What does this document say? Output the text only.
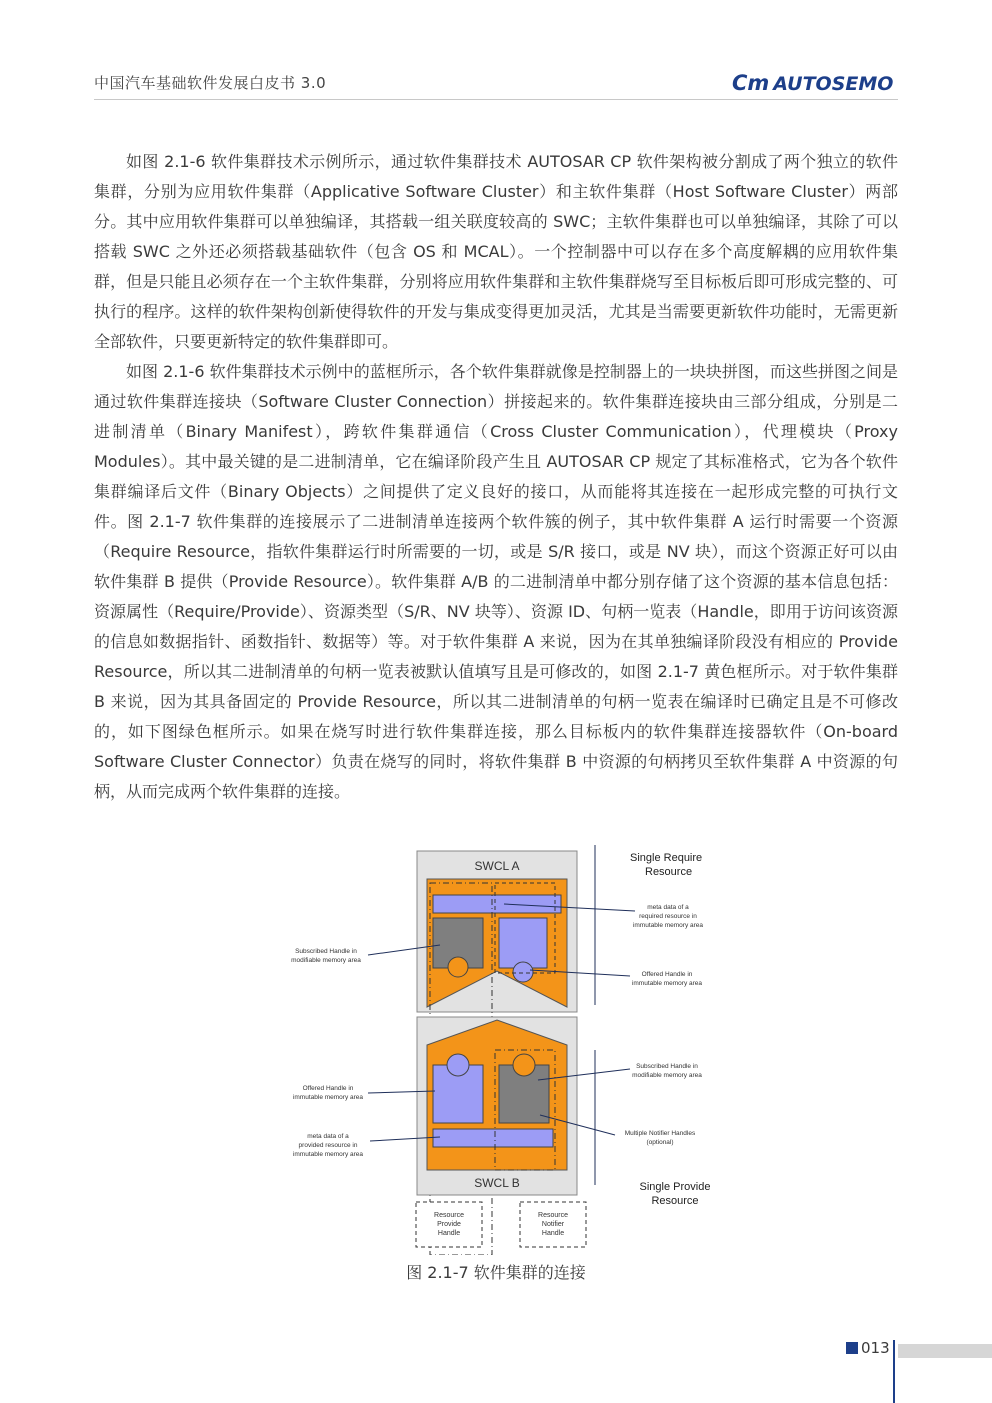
中国汽车基础软件发展白皮书 3.0	Cm AUTOSEMO

如图 2.1-6 软件集群技术示例所示，通过软件集群技术 AUTOSAR CP 软件架构被分割成了两个独立的软件集群，分别为应用软件集群（Applicative Software Cluster）和主软件集群（Host Software Cluster）两部分。其中应用软件集群可以单独编译，其搭载一组关联度较高的 SWC；主软件集群也可以单独编译，其除了可以搭载 SWC 之外还必须搭载基础软件（包含 OS 和 MCAL）。一个控制器中可以存在多个高度解耦的应用软件集群，但是只能且必须存在一个主软件集群，分别将应用软件集群和主软件集群烧写至目标板后即可形成完整的、可执行的程序。这样的软件架构创新使得软件的开发与集成变得更加灵活，尤其是当需要更新软件功能时，无需更新全部软件，只要更新特定的软件集群即可。

如图 2.1-6 软件集群技术示例中的蓝框所示，各个软件集群就像是控制器上的一块块拼图，而这些拼图之间是通过软件集群连接块（Software Cluster Connection）拼接起来的。软件集群连接块由三部分组成，分别是二进制清单（Binary Manifest），跨软件集群通信（Cross Cluster Communication），代理模块（Proxy Modules）。其中最关键的是二进制清单，它在编译阶段产生且 AUTOSAR CP 规定了其标准格式，它为各个软件集群编译后文件（Binary Objects）之间提供了定义良好的接口，从而能将其连接在一起形成完整的可执行文件。图 2.1-7 软件集群的连接展示了二进制清单连接两个软件簇的例子，其中软件集群 A 运行时需要一个资源（Require Resource，指软件集群运行时所需要的一切，或是 S/R 接口，或是 NV 块），而这个资源正好可以由软件集群 B 提供（Provide Resource）。软件集群 A/B 的二进制清单中都分别存储了这个资源的基本信息包括：资源属性（Require/Provide）、资源类型（S/R、NV 块等）、资源 ID、句柄一览表（Handle，即用于访问该资源的信息如数据指针、函数指针、数据等）等。对于软件集群 A 来说，因为在其单独编译阶段没有相应的 Provide Resource，所以其二进制清单的句柄一览表被默认值填写且是可修改的，如图 2.1-7 黄色框所示。对于软件集群 B 来说，因为其具备固定的 Provide Resource，所以其二进制清单的句柄一览表在编译时已确定且是不可修改的，如下图绿色框所示。如果在烧写时进行软件集群连接，那么目标板内的软件集群连接器软件（On-board Software Cluster Connector）负责在烧写的同时，将软件集群 B 中资源的句柄拷贝至软件集群 A 中资源的句柄，从而完成两个软件集群的连接。

SWCL A
SWCL B
Resource
Provide
Handle
Resource
Notifier
Handle
Single Require
Resource
meta data of a
required resource in
immutable memory area
Offered Handle in
immutable memory area
Subscribed Handle in
modifiable memory area
Multiple Notifier Handles
(optional)
Single Provide
Resource
Subscribed Handle in
modifiable memory area
Offered Handle in
immutable memory area
meta data of a
provided resource in
immutable memory area
图 2.1-7 软件集群的连接
013
